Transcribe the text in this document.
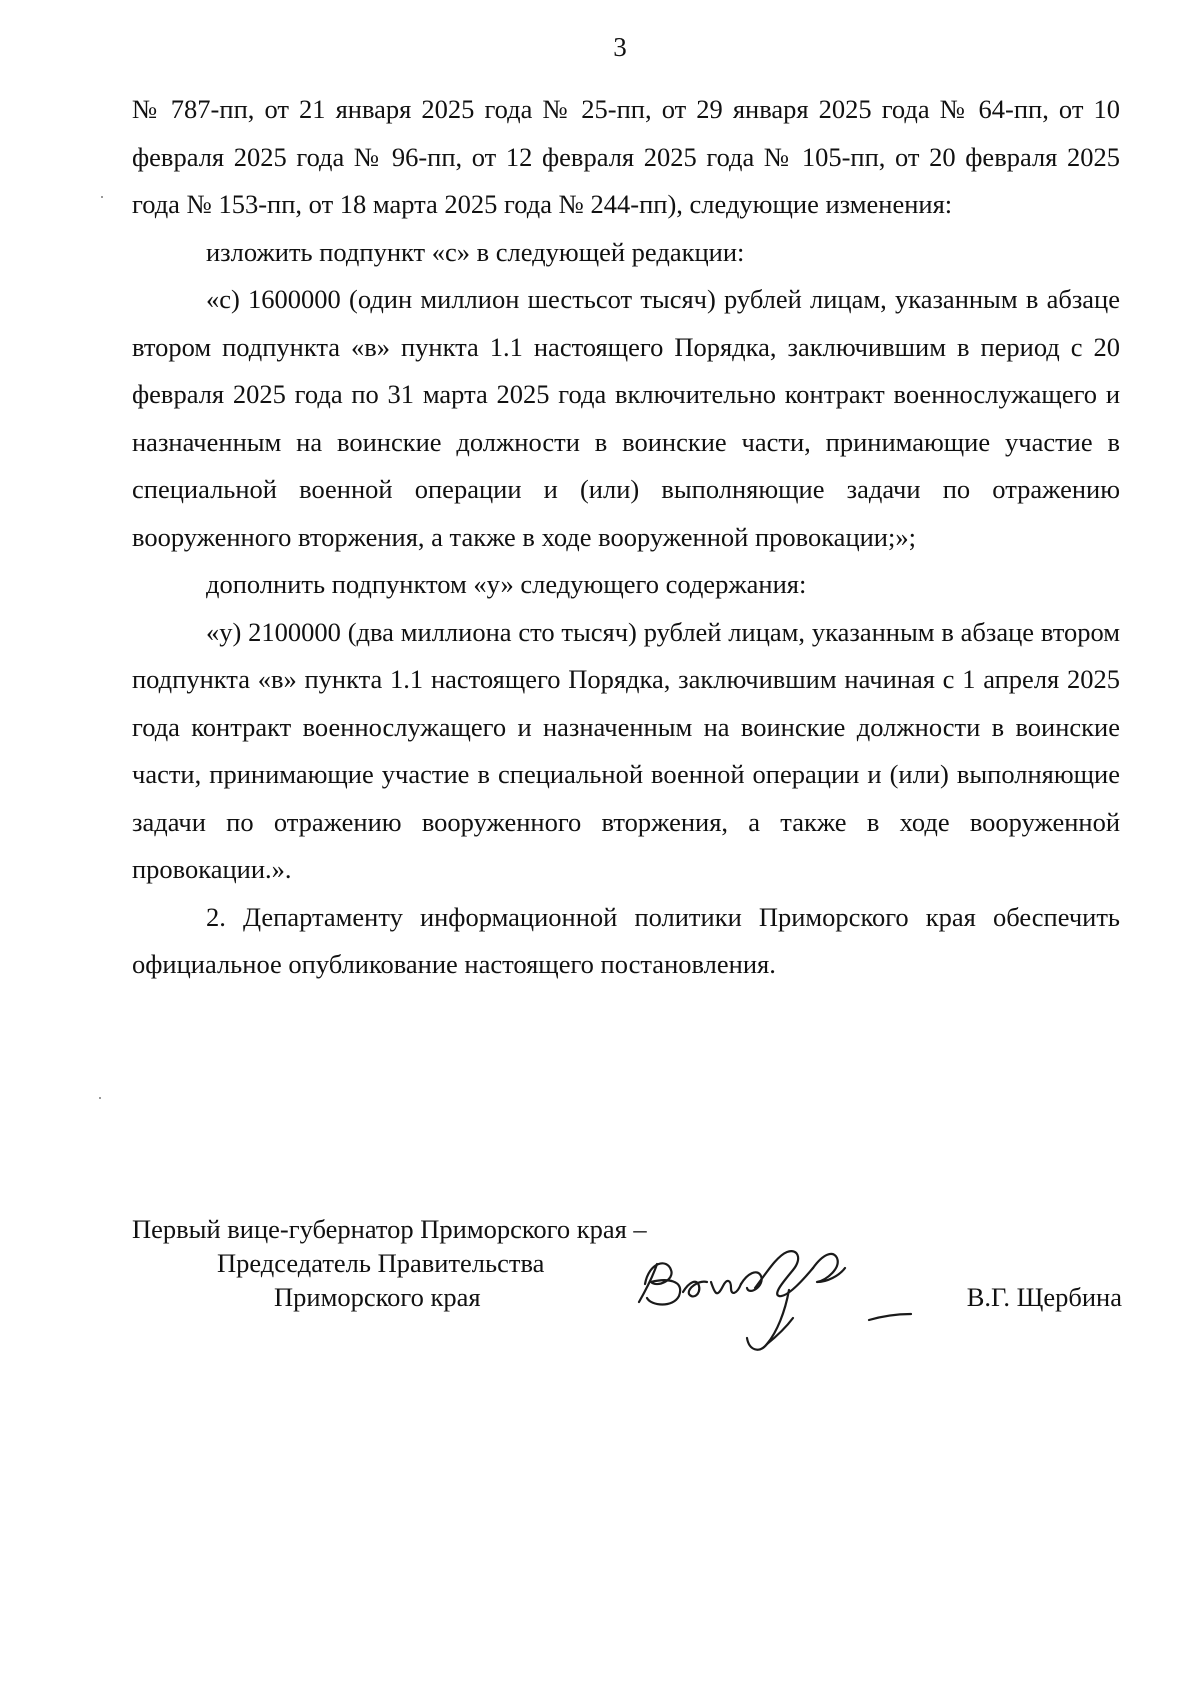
3

№ 787-пп, от 21 января 2025 года № 25-пп, от 29 января 2025 года № 64-пп, от 10 февраля 2025 года № 96-пп, от 12 февраля 2025 года № 105-пп, от 20 февраля 2025 года № 153-пп, от 18 марта 2025 года № 244-пп), следующие изменения:

изложить подпункт «с» в следующей редакции:

«с) 1600000 (один миллион шестьсот тысяч) рублей лицам, указанным в абзаце втором подпункта «в» пункта 1.1 настоящего Порядка, заключившим в период с 20 февраля 2025 года по 31 марта 2025 года включительно контракт военнослужащего и назначенным на воинские должности в воинские части, принимающие участие в специальной военной операции и (или) выполняющие задачи по отражению вооруженного вторжения, а также в ходе вооруженной провокации;»;

дополнить подпунктом «у» следующего содержания:

«у) 2100000 (два миллиона сто тысяч) рублей лицам, указанным в абзаце втором подпункта «в» пункта 1.1 настоящего Порядка, заключившим начиная с 1 апреля 2025 года контракт военнослужащего и назначенным на воинские должности в воинские части, принимающие участие в специальной военной операции и (или) выполняющие задачи по отражению вооруженного вторжения, а также в ходе вооруженной провокации.».

2. Департаменту информационной политики Приморского края обеспечить официальное опубликование настоящего постановления.

Первый вице-губернатор Приморского края –
Председатель Правительства
Приморского края	В.Г. Щербина
